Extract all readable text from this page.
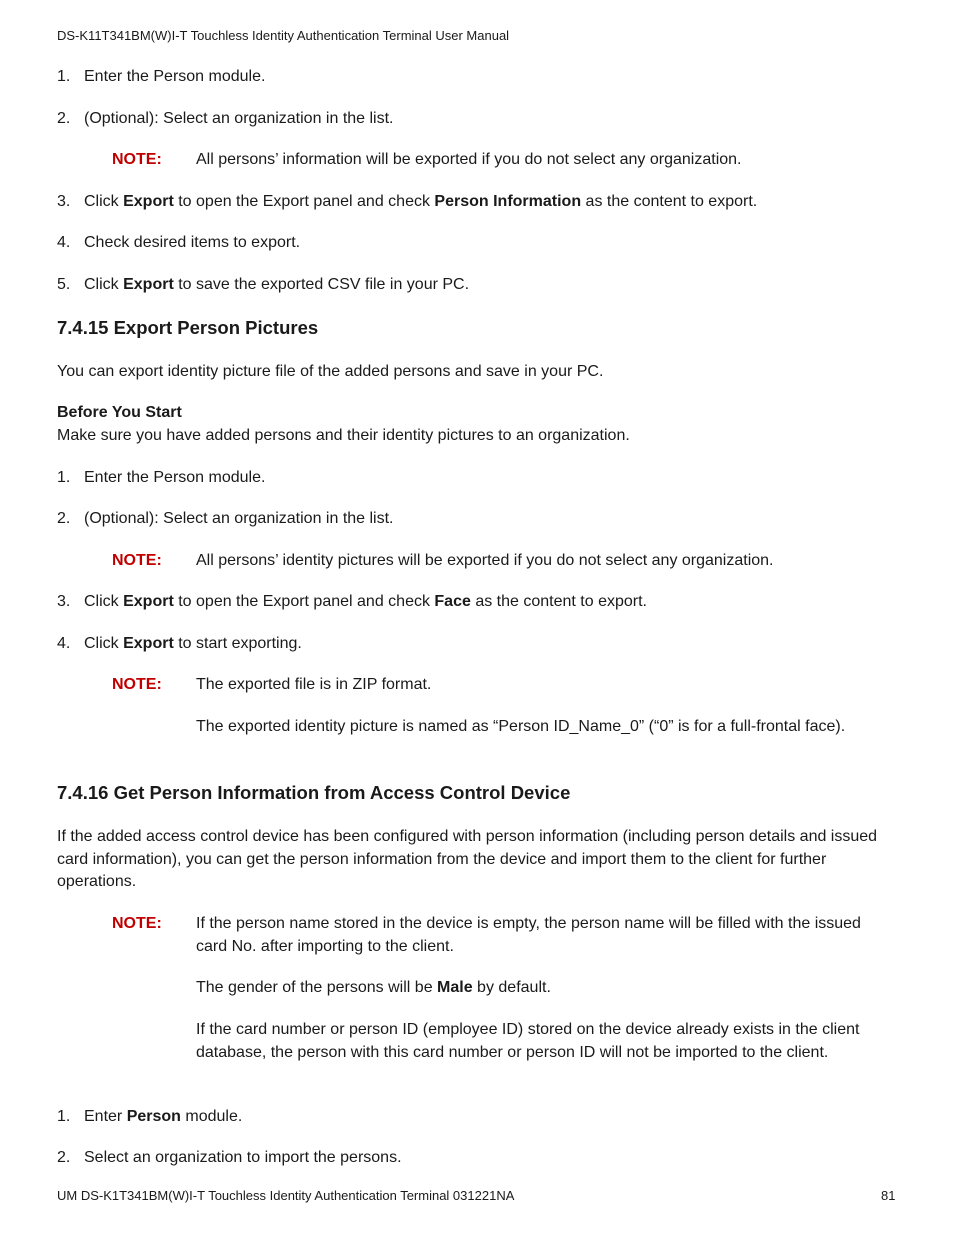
DS-K11T341BM(W)I-T Touchless Identity Authentication Terminal User Manual
1. Enter the Person module.
2. (Optional): Select an organization in the list.
NOTE: All persons’ information will be exported if you do not select any organization.
3. Click Export to open the Export panel and check Person Information as the content to export.
4. Check desired items to export.
5. Click Export to save the exported CSV file in your PC.
7.4.15 Export Person Pictures
You can export identity picture file of the added persons and save in your PC.
Before You Start
Make sure you have added persons and their identity pictures to an organization.
1. Enter the Person module.
2. (Optional): Select an organization in the list.
NOTE: All persons’ identity pictures will be exported if you do not select any organization.
3. Click Export to open the Export panel and check Face as the content to export.
4. Click Export to start exporting.
NOTE: The exported file is in ZIP format.
The exported identity picture is named as “Person ID_Name_0” (“0” is for a full-frontal face).
7.4.16 Get Person Information from Access Control Device
If the added access control device has been configured with person information (including person details and issued card information), you can get the person information from the device and import them to the client for further operations.
NOTE: If the person name stored in the device is empty, the person name will be filled with the issued card No. after importing to the client.
The gender of the persons will be Male by default.
If the card number or person ID (employee ID) stored on the device already exists in the client database, the person with this card number or person ID will not be imported to the client.
1. Enter Person module.
2. Select an organization to import the persons.
UM DS-K1T341BM(W)I-T Touchless Identity Authentication Terminal 031221NA	81
